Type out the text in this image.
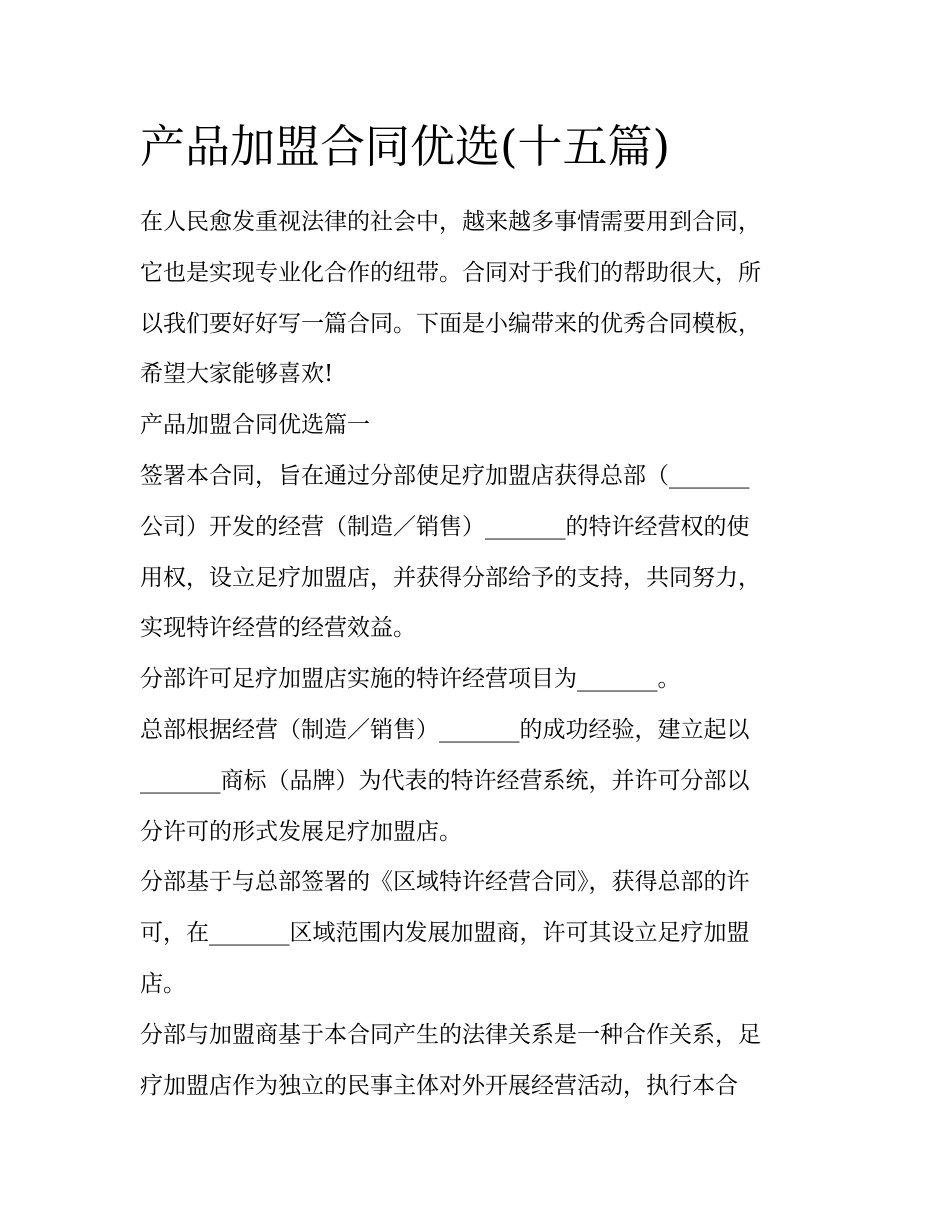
产品加盟合同优选(十五篇)
在人民愈发重视法律的社会中，越来越多事情需要用到合同，
它也是实现专业化合作的纽带。合同对于我们的帮助很大，所
以我们要好好写一篇合同。下面是小编带来的优秀合同模板，
希望大家能够喜欢!
产品加盟合同优选篇一
签署本合同，旨在通过分部使足疗加盟店获得总部（_______
公司）开发的经营（制造／销售）_______的特许经营权的使
用权，设立足疗加盟店，并获得分部给予的支持，共同努力，
实现特许经营的经营效益。
分部许可足疗加盟店实施的特许经营项目为_______。
总部根据经营（制造／销售）_______的成功经验，建立起以
_______商标（品牌）为代表的特许经营系统，并许可分部以
分许可的形式发展足疗加盟店。
分部基于与总部签署的《区域特许经营合同》，获得总部的许
可，在_______区域范围内发展加盟商，许可其设立足疗加盟
店。
分部与加盟商基于本合同产生的法律关系是一种合作关系，足
疗加盟店作为独立的民事主体对外开展经营活动，执行本合
